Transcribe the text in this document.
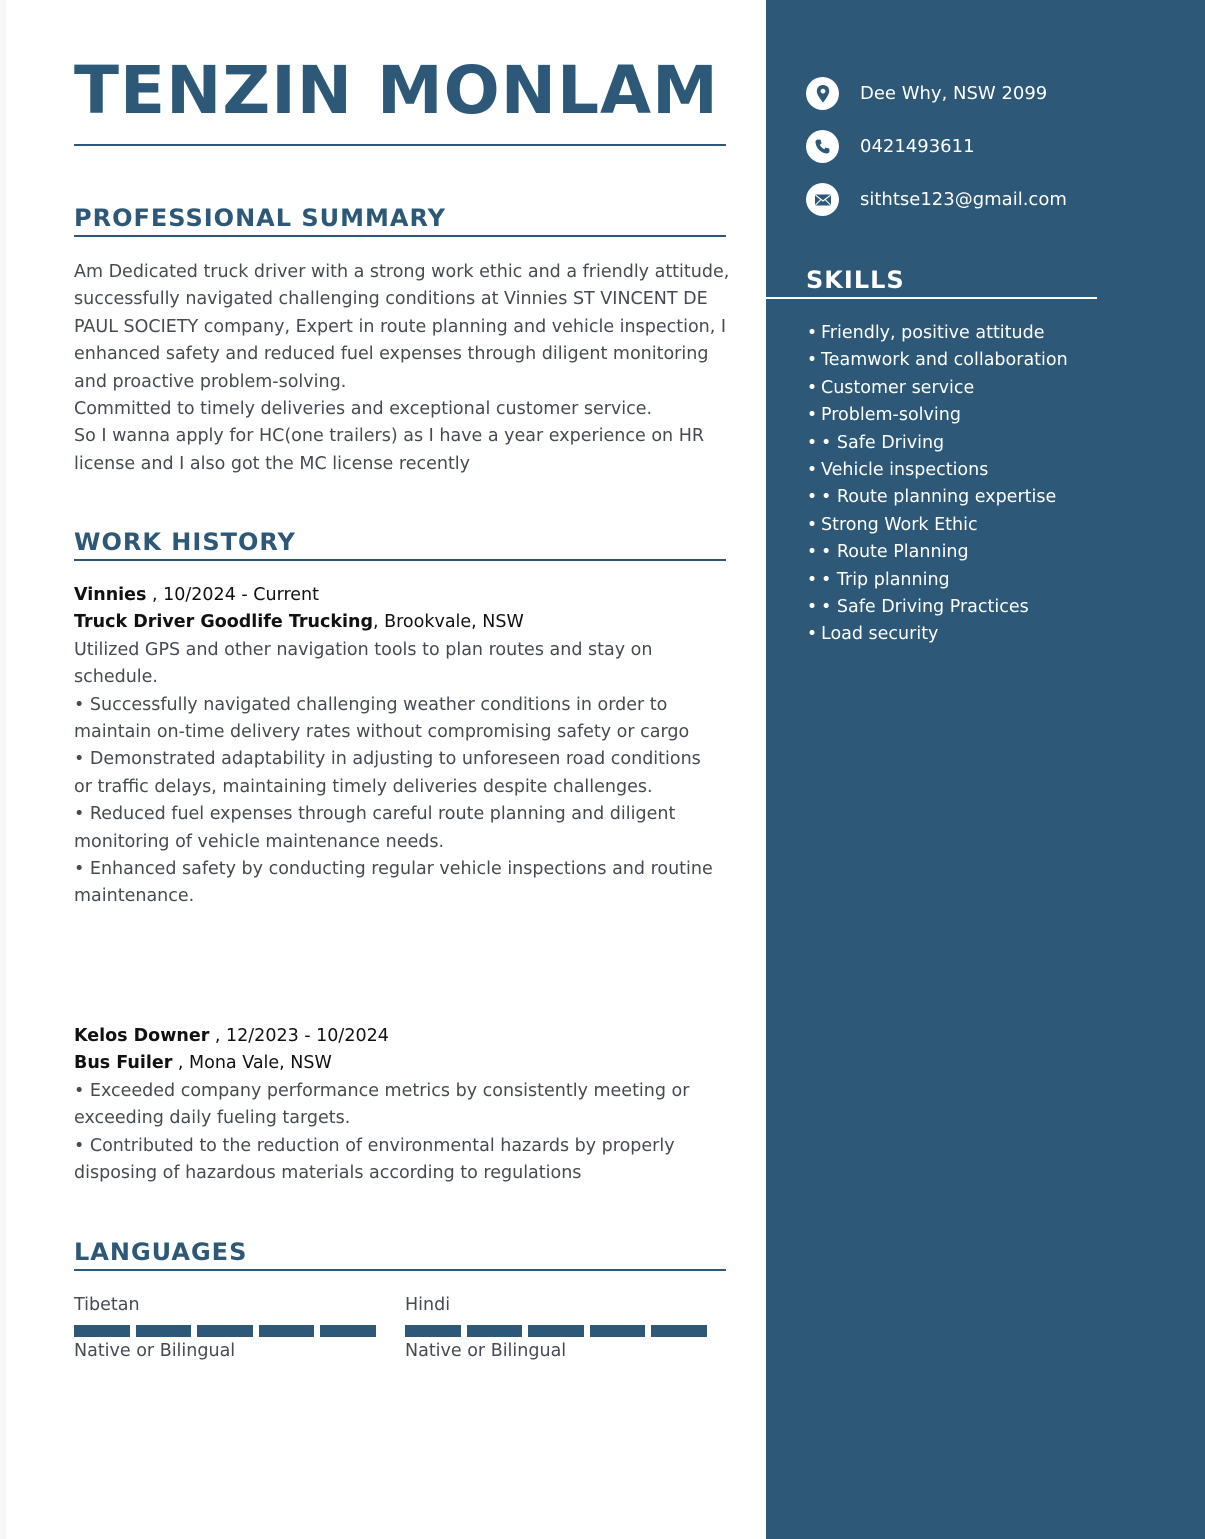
TENZIN MONLAM
PROFESSIONAL SUMMARY

Am Dedicated truck driver with a strong work ethic and a friendly attitude, successfully navigated challenging conditions at Vinnies ST VINCENT DE PAUL SOCIETY company, Expert in route planning and vehicle inspection, I enhanced safety and reduced fuel expenses through diligent monitoring and proactive problem-solving.
Committed to timely deliveries and exceptional customer service.
So I wanna apply for HC(one trailers) as I have a year experience on HR license and I also got the MC license recently

WORK HISTORY
Vinnies , 10/2024 - Current
Truck Driver Goodlife Trucking, Brookvale, NSW

Utilized GPS and other navigation tools to plan routes and stay on schedule.
• Successfully navigated challenging weather conditions in order to maintain on-time delivery rates without compromising safety or cargo
• Demonstrated adaptability in adjusting to unforeseen road conditions
or traffic delays, maintaining timely deliveries despite challenges.
• Reduced fuel expenses through careful route planning and diligent monitoring of vehicle maintenance needs.
• Enhanced safety by conducting regular vehicle inspections and routine
maintenance.

Kelos Downer , 12/2023 - 10/2024
Bus Fuiler , Mona Vale, NSW

• Exceeded company performance metrics by consistently meeting or exceeding daily fueling targets.
• Contributed to the reduction of environmental hazards by properly disposing of hazardous materials according to regulations

LANGUAGES
Tibetan
Native or Bilingual
Hindi
Native or Bilingual
Dee Why, NSW 2099
0421493611
sithtse123@gmail.com
SKILLS
• Friendly, positive attitude
• Teamwork and collaboration
• Customer service
• Problem-solving
• • Safe Driving
• Vehicle inspections
• • Route planning expertise
• Strong Work Ethic
• • Route Planning
• • Trip planning
• • Safe Driving Practices
• Load security
